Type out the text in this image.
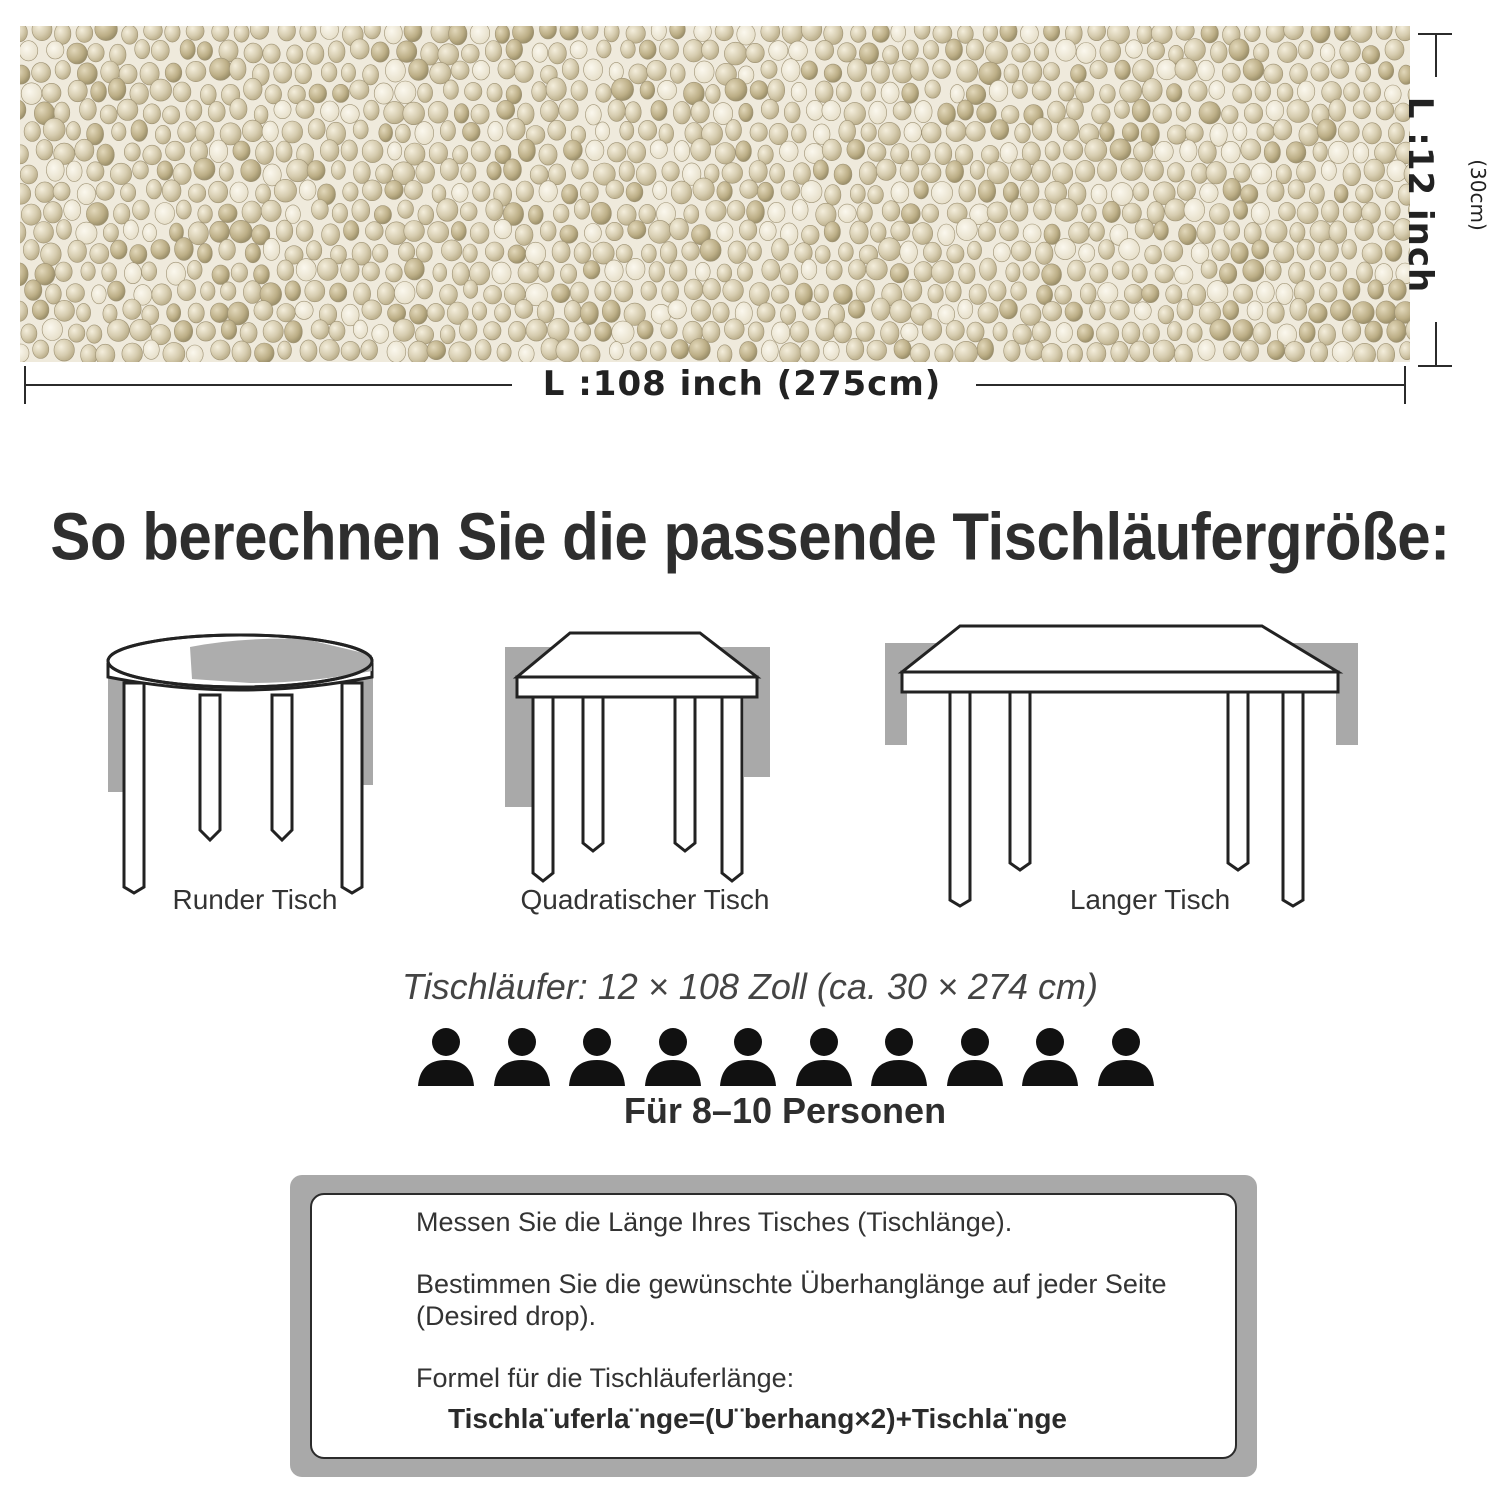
L :108 inch (275cm)
L :12 inch (30cm)
So berechnen Sie die passende Tischläufergröße:
Runder Tisch	Quadratischer Tisch	Langer Tisch
Tischläufer: 12 × 108 Zoll (ca. 30 × 274 cm)
Für 8–10 Personen
Messen Sie die Länge Ihres Tisches (Tischlänge).
Bestimmen Sie die gewünschte Überhanglänge auf jeder Seite
(Desired drop).
Formel für die Tischläuferlänge:
Tischla¨uferla¨nge=(U¨berhang×2)+Tischla¨nge
